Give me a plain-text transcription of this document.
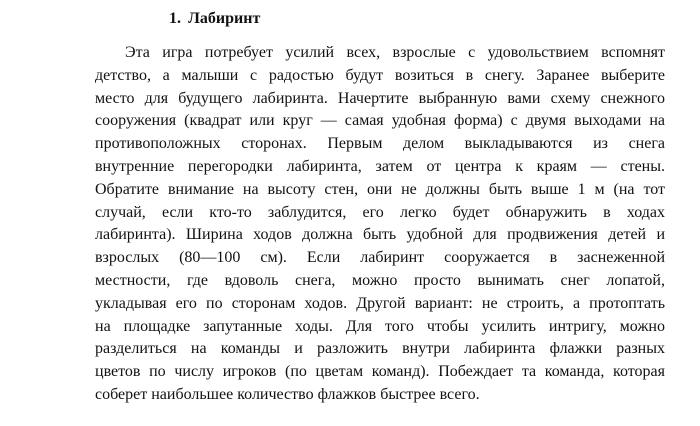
1. Лабиринт
Эта игра потребует усилий всех, взрослые с удовольствием вспомнят
детство, а малыши с радостью будут возиться в снегу. Заранее выберите
место для будущего лабиринта. Начертите выбранную вами схему снежного
сооружения (квадрат или круг — самая удобная форма) с двумя выходами на
противоположных сторонах. Первым делом выкладываются из снега
внутренние перегородки лабиринта, затем от центра к краям — стены.
Обратите внимание на высоту стен, они не должны быть выше 1 м (на тот
случай, если кто-то заблудится, его легко будет обнаружить в ходах
лабиринта). Ширина ходов должна быть удобной для продвижения детей и
взрослых (80—100 см). Если лабиринт сооружается в заснеженной
местности, где вдоволь снега, можно просто вынимать снег лопатой,
укладывая его по сторонам ходов. Другой вариант: не строить, а протоптать
на площадке запутанные ходы. Для того чтобы усилить интригу, можно
разделиться на команды и разложить внутри лабиринта флажки разных
цветов по числу игроков (по цветам команд). Побеждает та команда, которая
соберет наибольшее количество флажков быстрее всего.
